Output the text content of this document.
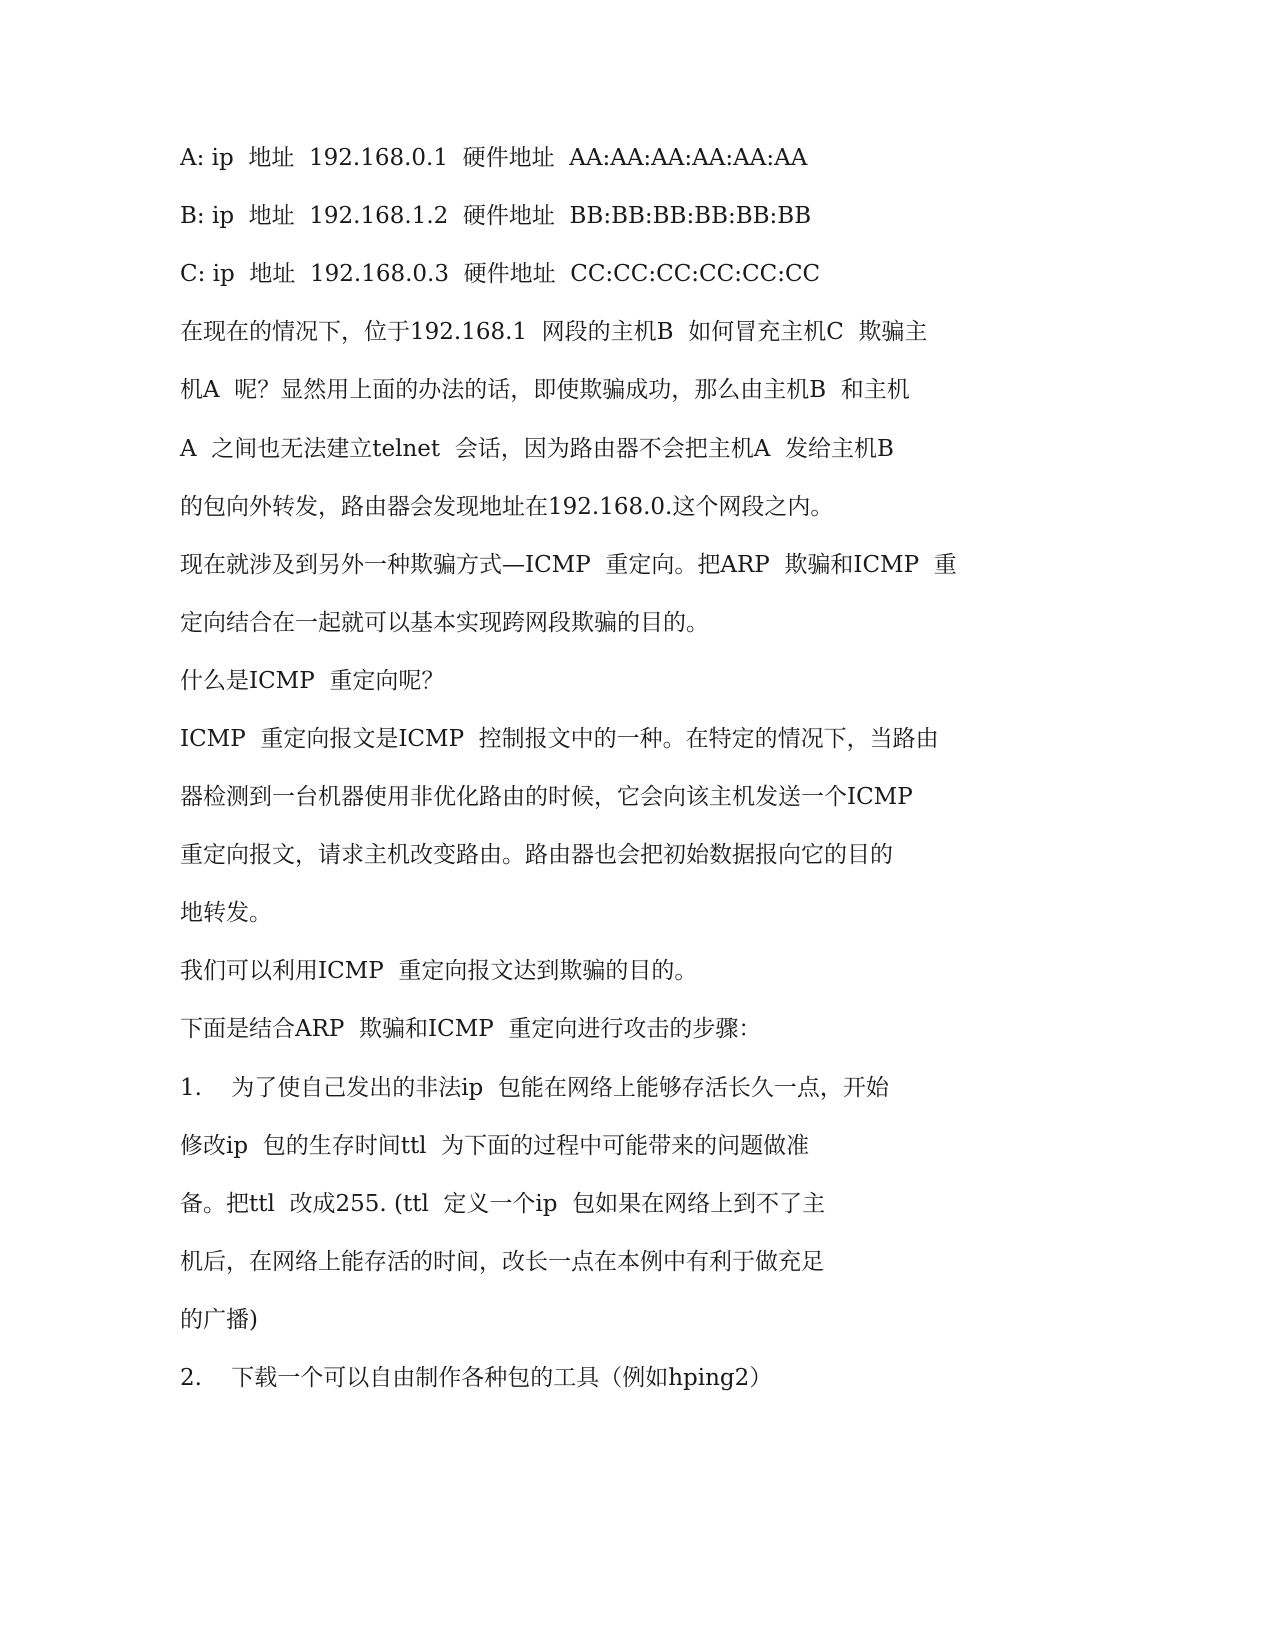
A: ip  地址  192.168.0.1  硬件地址  AA:AA:AA:AA:AA:AA
B: ip  地址  192.168.1.2  硬件地址  BB:BB:BB:BB:BB:BB
C: ip  地址  192.168.0.3  硬件地址  CC:CC:CC:CC:CC:CC
在现在的情况下，位于192.168.1  网段的主机B  如何冒充主机C  欺骗主
机A  呢？显然用上面的办法的话，即使欺骗成功，那么由主机B  和主机
A  之间也无法建立telnet  会话，因为路由器不会把主机A  发给主机B
的包向外转发，路由器会发现地址在192.168.0.这个网段之内。
现在就涉及到另外一种欺骗方式—ICMP  重定向。把ARP  欺骗和ICMP  重
定向结合在一起就可以基本实现跨网段欺骗的目的。
什么是ICMP  重定向呢？
ICMP  重定向报文是ICMP  控制报文中的一种。在特定的情况下，当路由
器检测到一台机器使用非优化路由的时候，它会向该主机发送一个ICMP
重定向报文，请求主机改变路由。路由器也会把初始数据报向它的目的
地转发。
我们可以利用ICMP  重定向报文达到欺骗的目的。
下面是结合ARP  欺骗和ICMP  重定向进行攻击的步骤：
1.    为了使自己发出的非法ip  包能在网络上能够存活长久一点，开始
修改ip  包的生存时间ttl  为下面的过程中可能带来的问题做准
备。把ttl  改成255. (ttl  定义一个ip  包如果在网络上到不了主
机后，在网络上能存活的时间，改长一点在本例中有利于做充足
的广播)
2.    下载一个可以自由制作各种包的工具（例如hping2）
